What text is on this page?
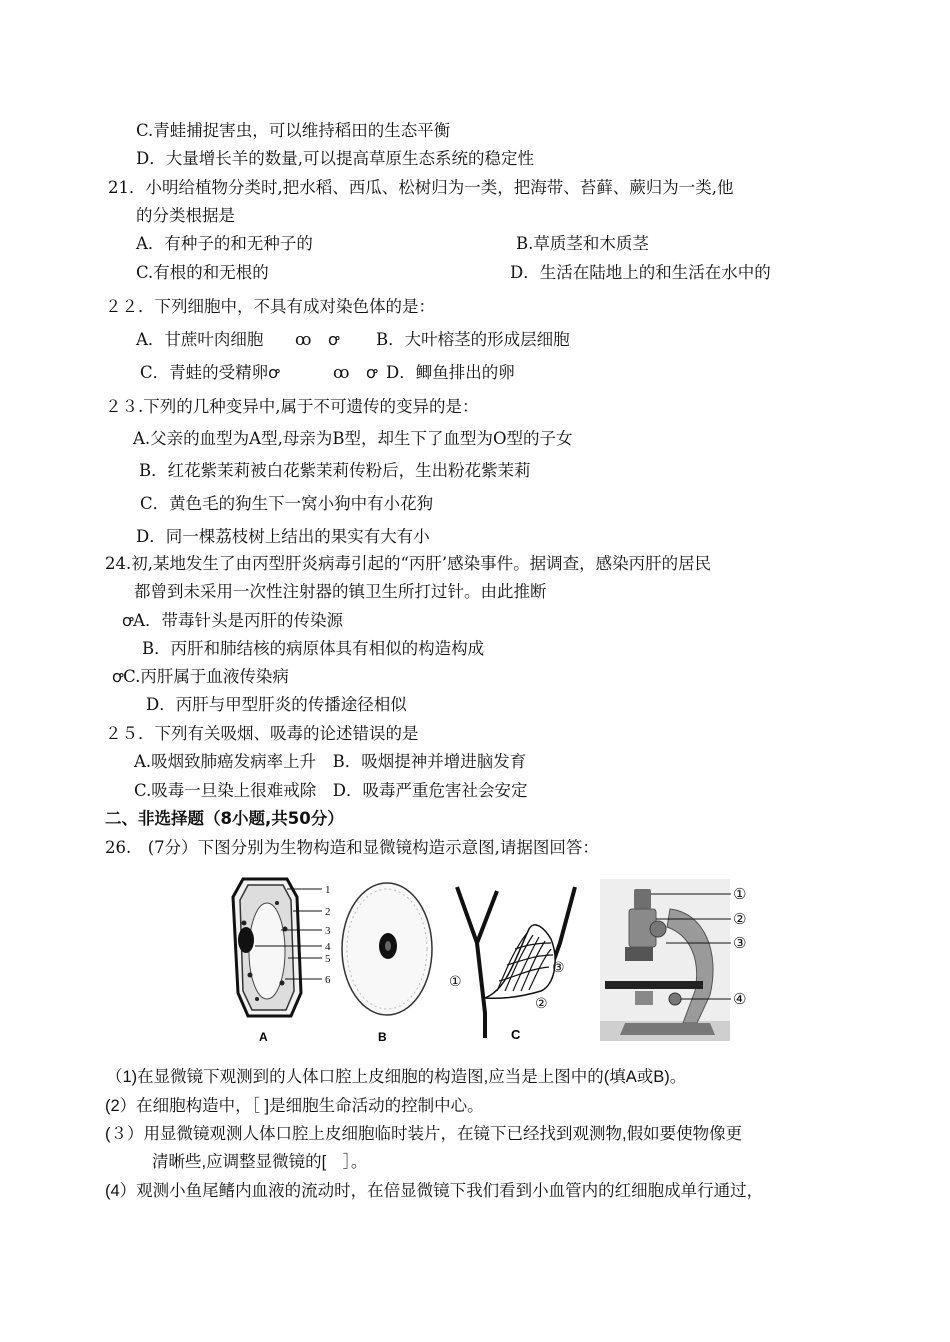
C.青蛙捕捉害虫，可以维持稻田的生态平衡
D．大量增长羊的数量,可以提高草原生态系统的稳定性
21．小明给植物分类时,把水稻、西瓜、松树归为一类，把海带、苔藓、蕨归为一类,他
的分类根据是
A．有种子的和无种子的	B.草质茎和木质茎
C.有根的和无根的	D．生活在陆地上的和生活在水中的
２２．下列细胞中，不具有成对染色体的是：
A．甘蔗叶肉细胞 ꝏ　ꝍ B．大叶榕茎的形成层细胞
C．青蛙的受精卵ꝍ	ꝏ　ꝍ D．鲫鱼排出的卵
２３.下列的几种变异中,属于不可遗传的变异的是：
A.父亲的血型为A型,母亲为B型，却生下了血型为O型的子女
B．红花紫茉莉被白花紫茉莉传粉后，生出粉花紫茉莉
C．黄色毛的狗生下一窝小狗中有小花狗
D．同一棵荔枝树上结出的果实有大有小
24.初,某地发生了由丙型肝炎病毒引起的“丙肝’感染事件。据调查，感染丙肝的居民
都曾到未采用一次性注射器的镇卫生所打过针。由此推断
ꝍA．带毒针头是丙肝的传染源
B．丙肝和肺结核的病原体具有相似的构造构成
ꝍC.丙肝属于血液传染病
D．丙肝与甲型肝炎的传播途径相似
２５．下列有关吸烟、吸毒的论述错误的是
A.吸烟致肺癌发病率上升　B．吸烟提神并增进脑发育
C.吸毒一旦染上很难戒除　D．吸毒严重危害社会安定
二、非选择题（8小题,共50分）
26.　(7分）下图分别为生物构造和显微镜构造示意图,请据图回答：
1
2
3
4
5
6
A	B
①
②
③
C
①
②
③
④
（1)在显微镜下观测到的人体口腔上皮细胞的构造图,应当是上图中的(填A或B)。
(2）在细胞构造中，［ ]是细胞生命活动的控制中心。
(３）用显微镜观测人体口腔上皮细胞临时装片，在镜下已经找到观测物,假如要使物像更
清晰些,应调整显微镜的[　］。
(4）观测小鱼尾鳍内血液的流动时，在倍显微镜下我们看到小血管内的红细胞成单行通过，
